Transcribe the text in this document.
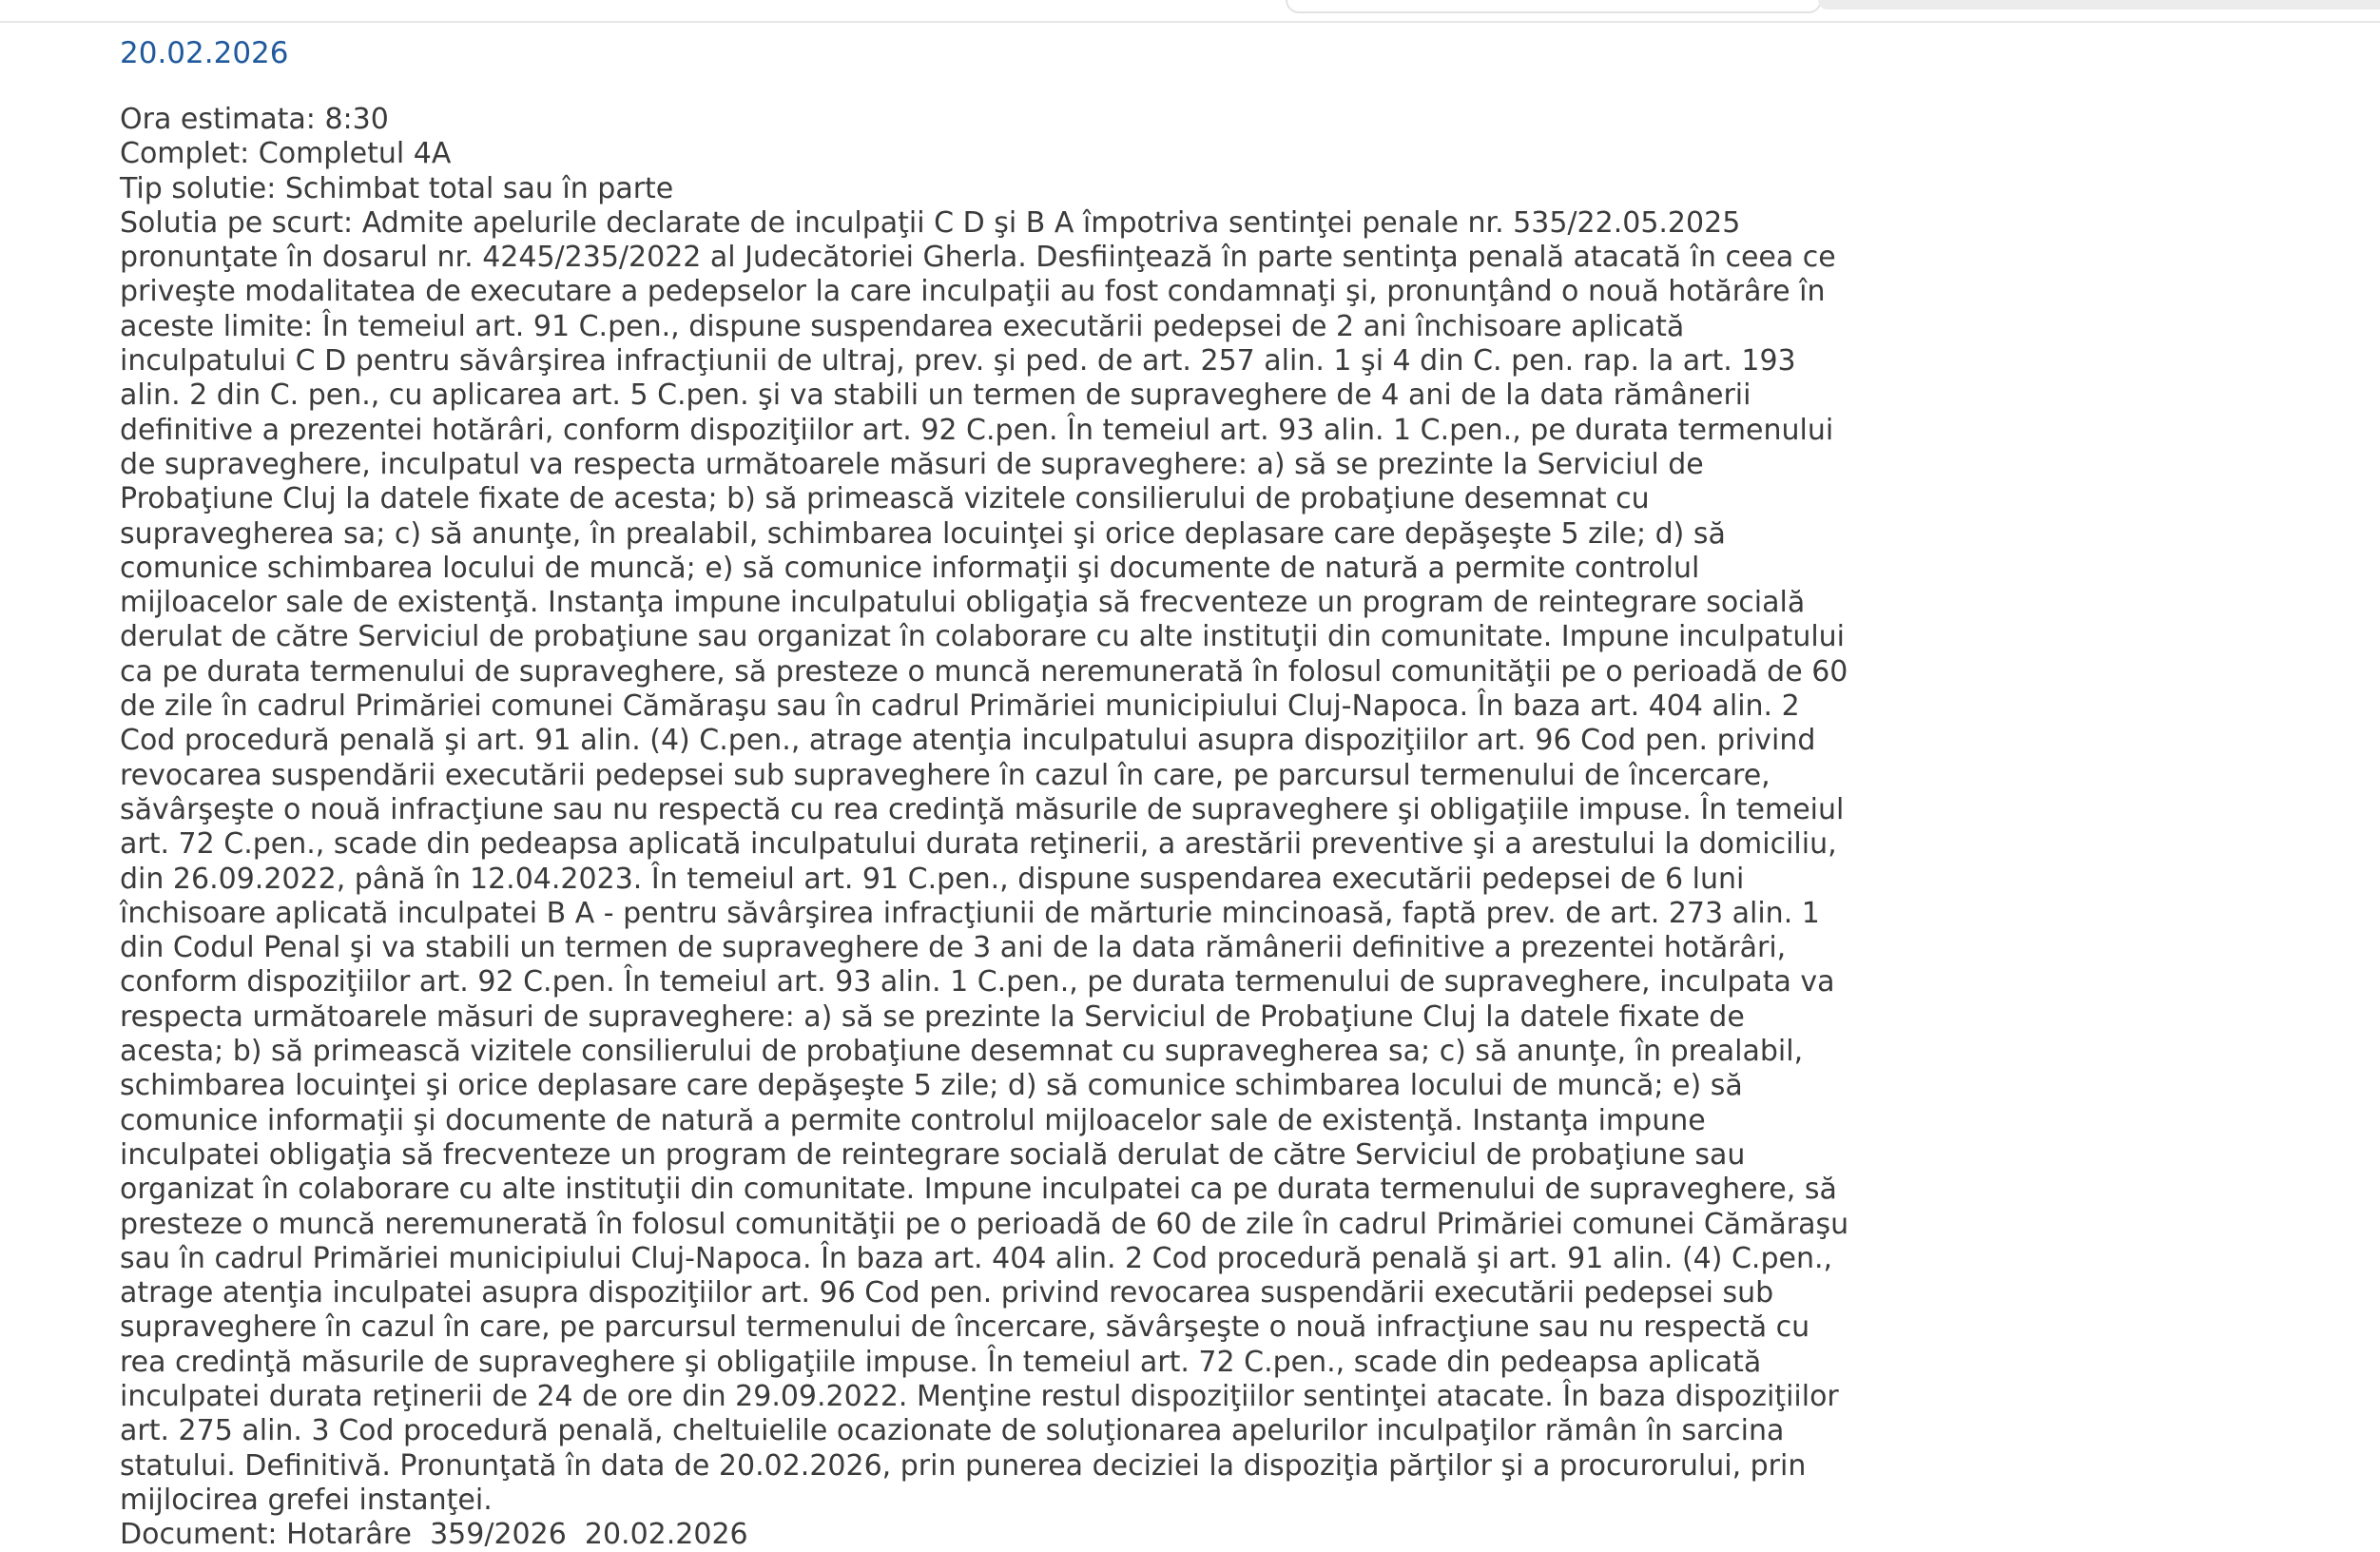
20.02.2026

Ora estimata: 8:30

Complet: Completul 4A

Tip solutie: Schimbat total sau în parte

Solutia pe scurt: Admite apelurile declarate de inculpaţii C D şi B A împotriva sentinţei penale nr. 535/22.05.2025 pronunţate în dosarul nr. 4245/235/2022 al Judecătoriei Gherla. Desfiinţează în parte sentinţa penală atacată în ceea ce priveşte modalitatea de executare a pedepselor la care inculpaţii au fost condamnaţi şi, pronunţând o nouă hotărâre în aceste limite: În temeiul art. 91 C.pen., dispune suspendarea executării pedepsei de 2 ani închisoare aplicată inculpatului C D pentru săvârşirea infracţiunii de ultraj, prev. şi ped. de art. 257 alin. 1 şi 4 din C. pen. rap. la art. 193 alin. 2 din C. pen., cu aplicarea art. 5 C.pen. şi va stabili un termen de supraveghere de 4 ani de la data rămânerii definitive a prezentei hotărâri, conform dispoziţiilor art. 92 C.pen. În temeiul art. 93 alin. 1 C.pen., pe durata termenului de supraveghere, inculpatul va respecta următoarele măsuri de supraveghere: a) să se prezinte la Serviciul de Probaţiune Cluj la datele fixate de acesta; b) să primească vizitele consilierului de probaţiune desemnat cu supravegherea sa; c) să anunţe, în prealabil, schimbarea locuinţei şi orice deplasare care depăşeşte 5 zile; d) să comunice schimbarea locului de muncă; e) să comunice informaţii şi documente de natură a permite controlul mijloacelor sale de existenţă. Instanţa impune inculpatului obligaţia să frecventeze un program de reintegrare socială derulat de către Serviciul de probaţiune sau organizat în colaborare cu alte instituţii din comunitate. Impune inculpatului ca pe durata termenului de supraveghere, să presteze o muncă neremunerată în folosul comunităţii pe o perioadă de 60 de zile în cadrul Primăriei comunei Cămăraşu sau în cadrul Primăriei municipiului Cluj-Napoca. În baza art. 404 alin. 2 Cod procedură penală şi art. 91 alin. (4) C.pen., atrage atenţia inculpatului asupra dispoziţiilor art. 96 Cod pen. privind revocarea suspendării executării pedepsei sub supraveghere în cazul în care, pe parcursul termenului de încercare, săvârşeşte o nouă infracţiune sau nu respectă cu rea credinţă măsurile de supraveghere şi obligaţiile impuse. În temeiul art. 72 C.pen., scade din pedeapsa aplicată inculpatului durata reţinerii, a arestării preventive şi a arestului la domiciliu, din 26.09.2022, până în 12.04.2023. În temeiul art. 91 C.pen., dispune suspendarea executării pedepsei de 6 luni închisoare aplicată inculpatei B A - pentru săvârşirea infracţiunii de mărturie mincinoasă, faptă prev. de art. 273 alin. 1 din Codul Penal şi va stabili un termen de supraveghere de 3 ani de la data rămânerii definitive a prezentei hotărâri, conform dispoziţiilor art. 92 C.pen. În temeiul art. 93 alin. 1 C.pen., pe durata termenului de supraveghere, inculpata va respecta următoarele măsuri de supraveghere: a) să se prezinte la Serviciul de Probaţiune Cluj la datele fixate de acesta; b) să primească vizitele consilierului de probaţiune desemnat cu supravegherea sa; c) să anunţe, în prealabil, schimbarea locuinţei şi orice deplasare care depăşeşte 5 zile; d) să comunice schimbarea locului de muncă; e) să comunice informaţii şi documente de natură a permite controlul mijloacelor sale de existenţă. Instanţa impune inculpatei obligaţia să frecventeze un program de reintegrare socială derulat de către Serviciul de probaţiune sau organizat în colaborare cu alte instituţii din comunitate. Impune inculpatei ca pe durata termenului de supraveghere, să presteze o muncă neremunerată în folosul comunităţii pe o perioadă de 60 de zile în cadrul Primăriei comunei Cămăraşu sau în cadrul Primăriei municipiului Cluj-Napoca. În baza art. 404 alin. 2 Cod procedură penală şi art. 91 alin. (4) C.pen., atrage atenţia inculpatei asupra dispoziţiilor art. 96 Cod pen. privind revocarea suspendării executării pedepsei sub supraveghere în cazul în care, pe parcursul termenului de încercare, săvârşeşte o nouă infracţiune sau nu respectă cu rea credinţă măsurile de supraveghere şi obligaţiile impuse. În temeiul art. 72 C.pen., scade din pedeapsa aplicată inculpatei durata reţinerii de 24 de ore din 29.09.2022. Menţine restul dispoziţiilor sentinţei atacate. În baza dispoziţiilor art. 275 alin. 3 Cod procedură penală, cheltuielile ocazionate de soluţionarea apelurilor inculpaţilor rămân în sarcina statului. Definitivă. Pronunţată în data de 20.02.2026, prin punerea deciziei la dispoziţia părţilor şi a procurorului, prin mijlocirea grefei instanţei.

Document: Hotarâre 359/2026 20.02.2026
